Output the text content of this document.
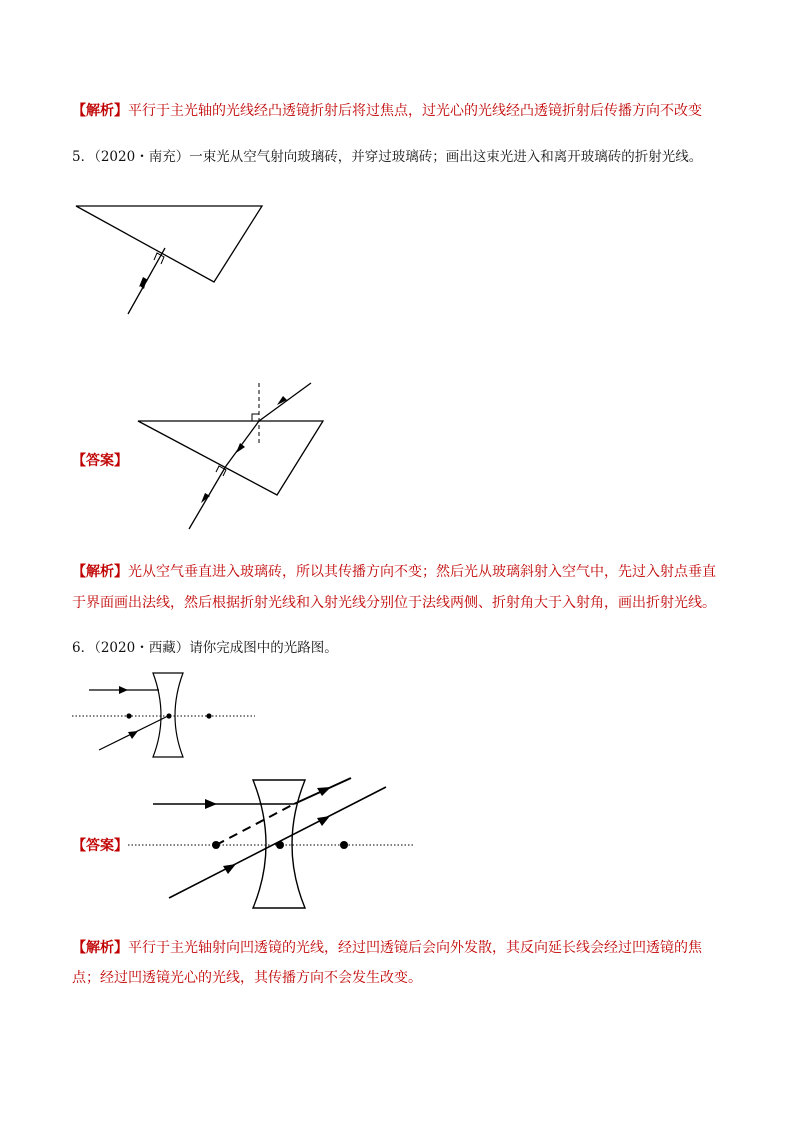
【解析】平行于主光轴的光线经凸透镜折射后将过焦点，过光心的光线经凸透镜折射后传播方向不改变
5．（2020・南充）一束光从空气射向玻璃砖，并穿过玻璃砖；画出这束光进入和离开玻璃砖的折射光线。
【答案】
【解析】光从空气垂直进入玻璃砖，所以其传播方向不变；然后光从玻璃斜射入空气中，先过入射点垂直
于界面画出法线，然后根据折射光线和入射光线分别位于法线两侧、折射角大于入射角，画出折射光线。
6．（2020・西藏）请你完成图中的光路图。
【答案】
【解析】平行于主光轴射向凹透镜的光线，经过凹透镜后会向外发散，其反向延长线会经过凹透镜的焦
点；经过凹透镜光心的光线，其传播方向不会发生改变。
